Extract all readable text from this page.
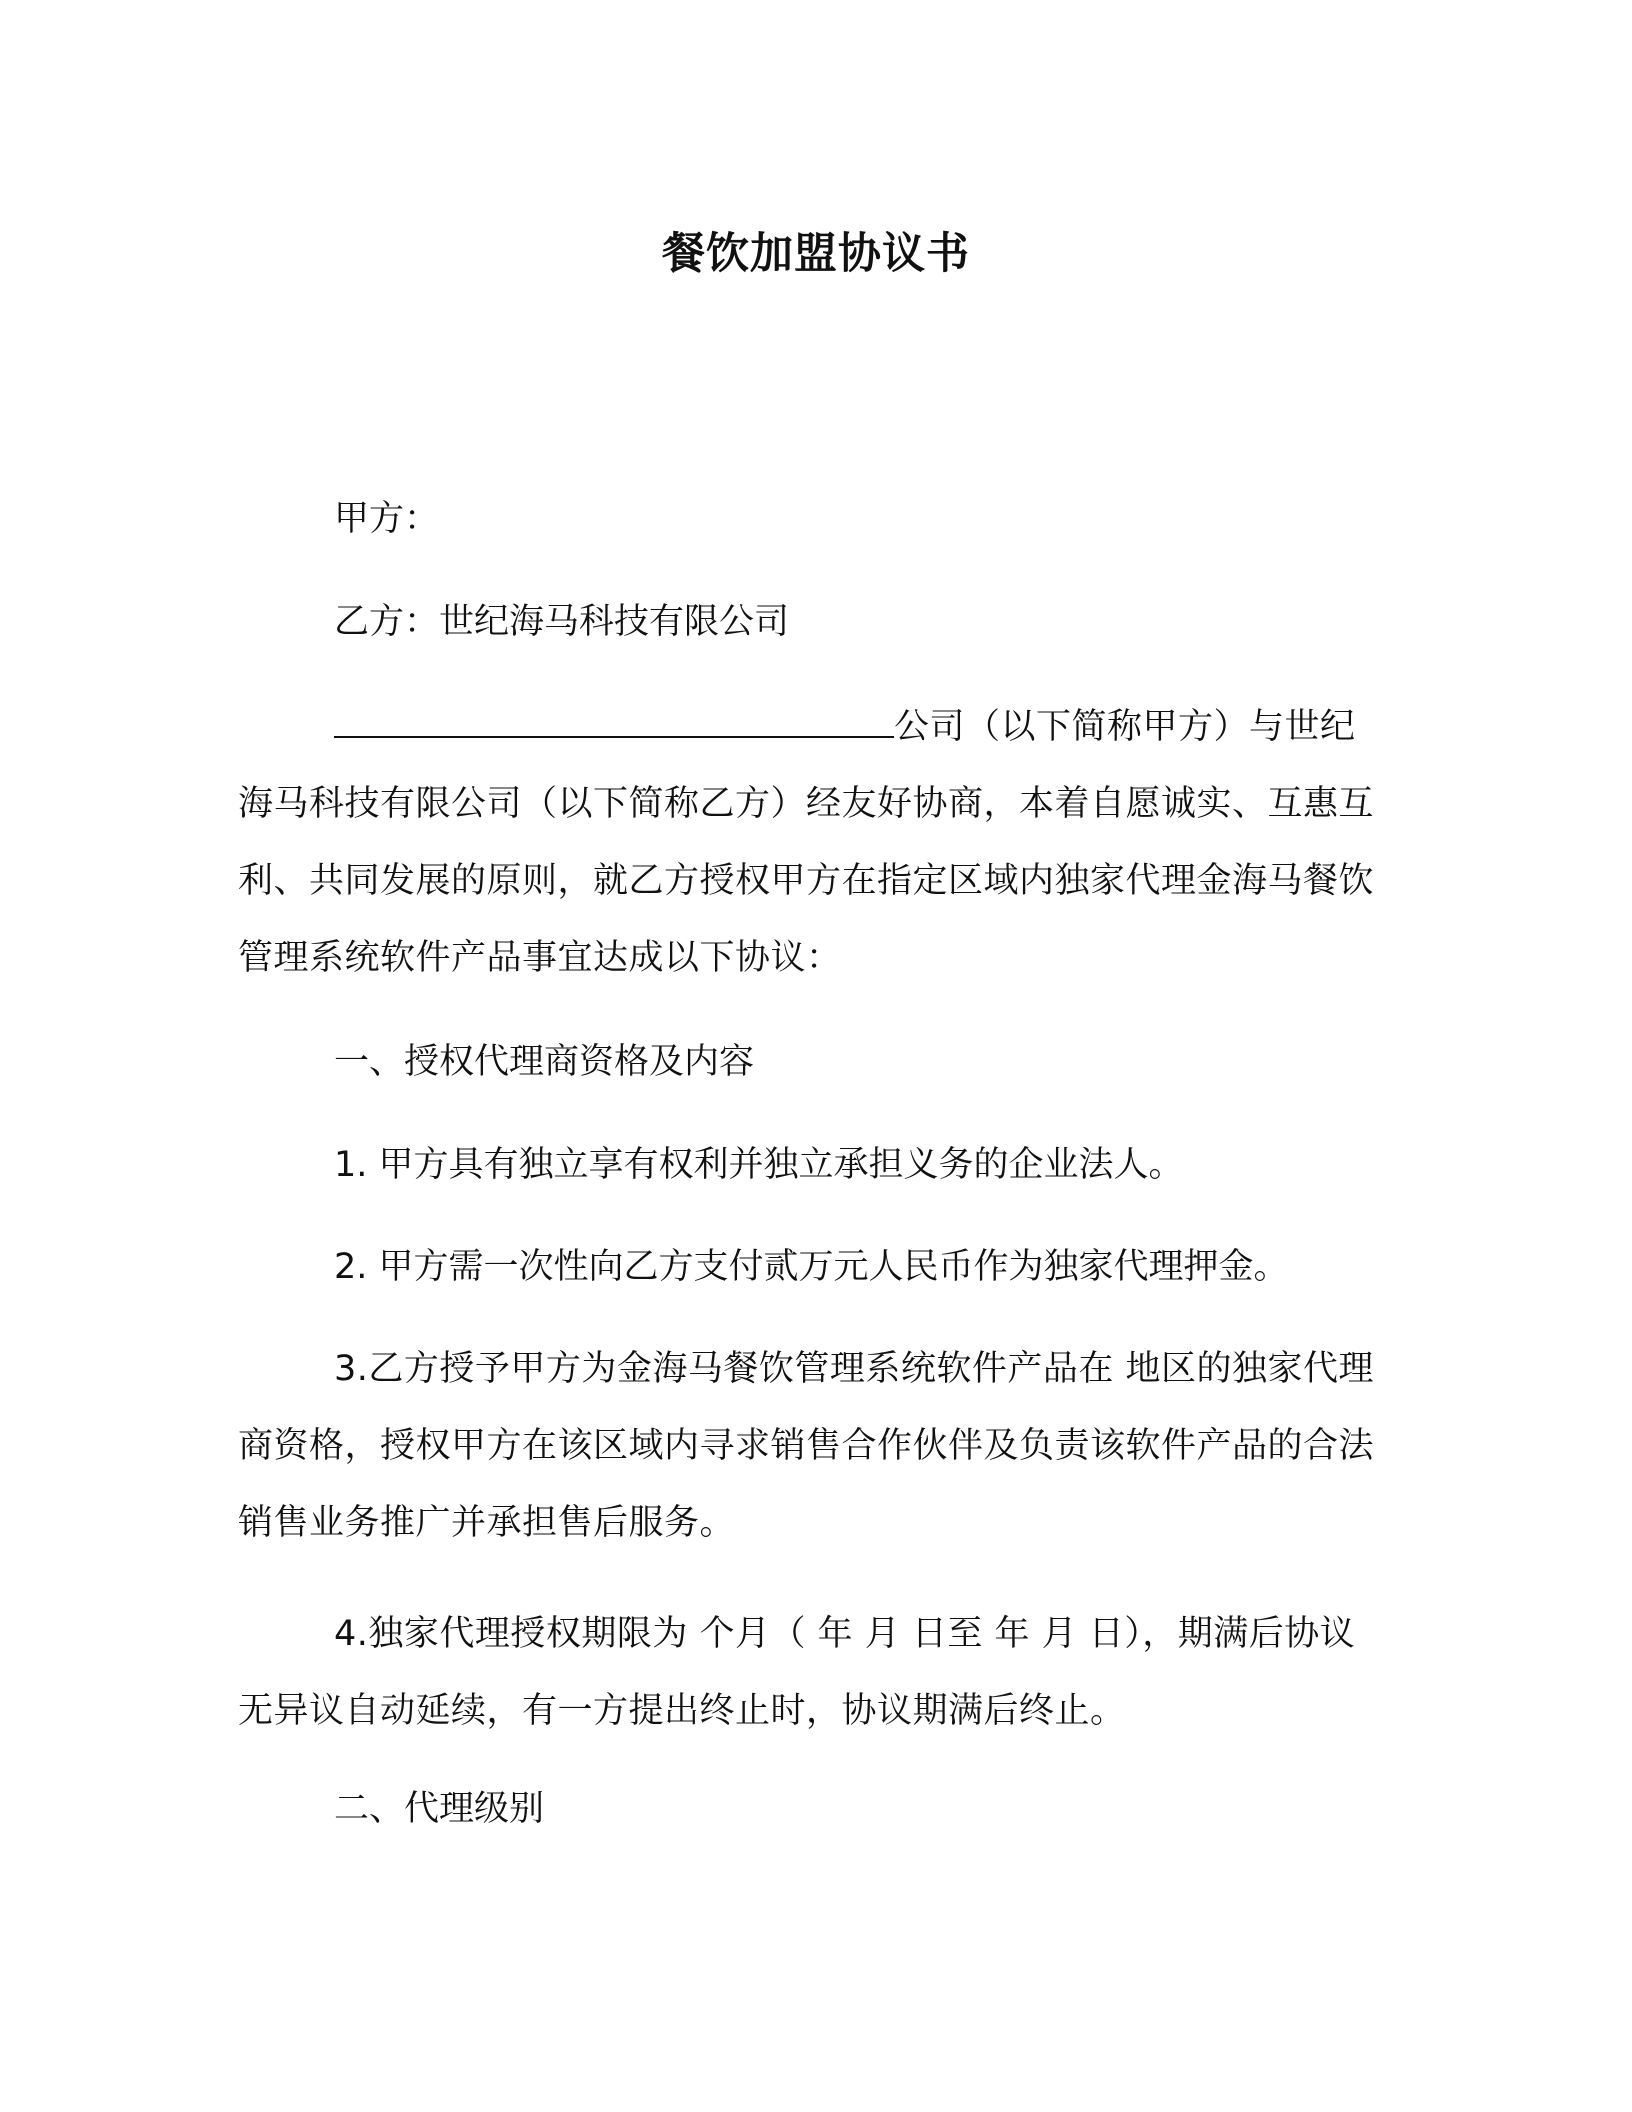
餐饮加盟协议书
甲方：
乙方：世纪海马科技有限公司
公司（以下简称甲方）与世纪海马科技有限公司（以下简称乙方）经友好协商，本着自愿诚实、互惠互利、共同发展的原则，就乙方授权甲方在指定区域内独家代理金海马餐饮管理系统软件产品事宜达成以下协议：
一、授权代理商资格及内容
1. 甲方具有独立享有权利并独立承担义务的企业法人。
2. 甲方需一次性向乙方支付贰万元人民币作为独家代理押金。
3.乙方授予甲方为金海马餐饮管理系统软件产品在 地区的独家代理商资格，授权甲方在该区域内寻求销售合作伙伴及负责该软件产品的合法销售业务推广并承担售后服务。
4.独家代理授权期限为 个月（ 年 月 日至 年 月 日），期满后协议无异议自动延续，有一方提出终止时，协议期满后终止。
二、代理级别
